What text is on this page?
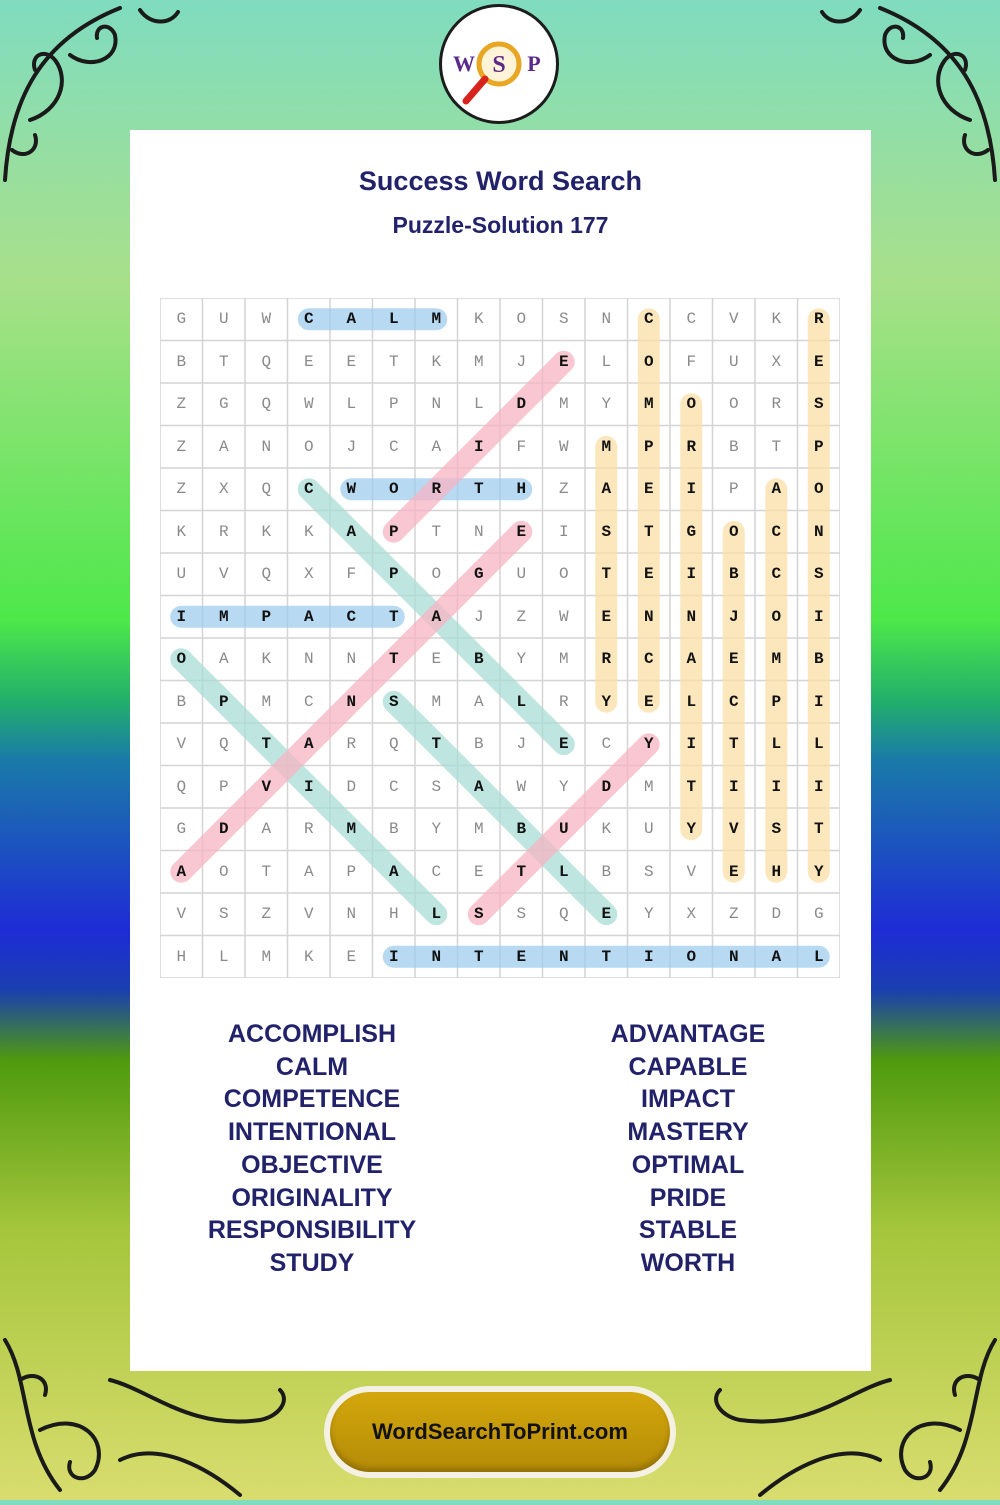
W S P
Success Word Search
Puzzle-Solution 177
G	U	W	C	A	L	M	K	O	S	N	C	C	V	K	R
B	T	Q	E	E	T	K	M	J	E	L	O	F	U	X	E
Z	G	Q	W	L	P	N	L	D	M	Y	M	O	O	R	S
Z	A	N	O	J	C	A	I	F	W	M	P	R	B	T	P
Z	X	Q	C	W	O	R	T	H	Z	A	E	I	P	A	O
K	R	K	K	A	P	T	N	E	I	S	T	G	O	C	N
U	V	Q	X	F	P	O	G	U	O	T	E	I	B	C	S
I	M	P	A	C	T	A	J	Z	W	E	N	N	J	O	I
O	A	K	N	N	T	E	B	Y	M	R	C	A	E	M	B
B	P	M	C	N	S	M	A	L	R	Y	E	L	C	P	I
V	Q	T	A	R	Q	T	B	J	E	C	Y	I	T	L	L
Q	P	V	I	D	C	S	A	W	Y	D	M	T	I	I	I
G	D	A	R	M	B	Y	M	B	U	K	U	Y	V	S	T
A	O	T	A	P	A	C	E	T	L	B	S	V	E	H	Y
V	S	Z	V	N	H	L	S	S	Q	E	Y	X	Z	D	G
H	L	M	K	E	I	N	T	E	N	T	I	O	N	A	L
ACCOMPLISH
CALM
COMPETENCE
INTENTIONAL
OBJECTIVE
ORIGINALITY
RESPONSIBILITY
STUDY
ADVANTAGE
CAPABLE
IMPACT
MASTERY
OPTIMAL
PRIDE
STABLE
WORTH
WordSearchToPrint.com
